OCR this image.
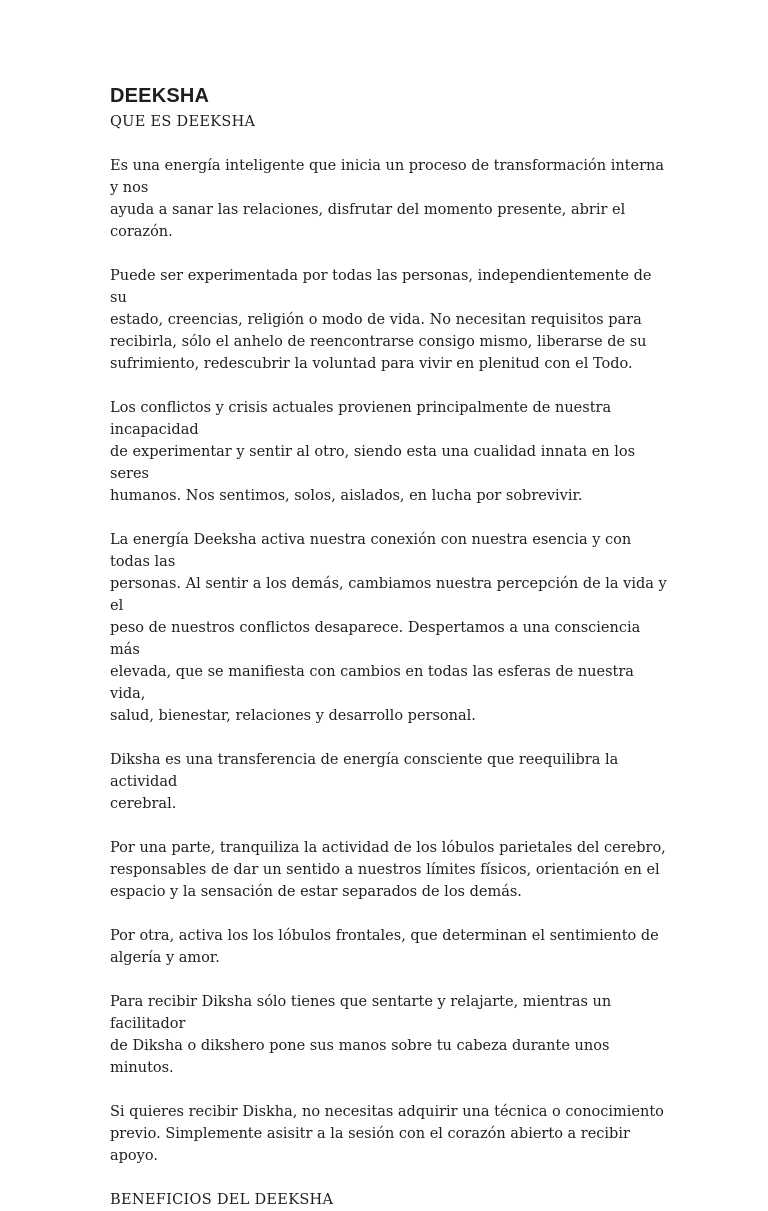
DEEKSHA
QUE ES DEEKSHA

Es una energía inteligente que inicia un proceso de transformación interna y nos
ayuda a sanar las relaciones, disfrutar del momento presente, abrir el corazón.

Puede ser experimentada por todas las personas, independientemente de su
estado, creencias, religión o modo de vida. No necesitan requisitos para
recibirla, sólo el anhelo de reencontrarse consigo mismo, liberarse de su
sufrimiento, redescubrir la voluntad para vivir en plenitud con el Todo.

Los conflictos y crisis actuales provienen principalmente de nuestra incapacidad
de experimentar y sentir al otro, siendo esta una cualidad innata en los seres
humanos. Nos sentimos, solos, aislados, en lucha por sobrevivir.

La energía Deeksha activa nuestra conexión con nuestra esencia y con todas las
personas. Al sentir a los demás, cambiamos nuestra percepción de la vida y el
peso de nuestros conflictos desaparece. Despertamos a una consciencia más
elevada, que se manifiesta con cambios en todas las esferas de nuestra vida,
salud, bienestar, relaciones y desarrollo personal.

Diksha es una transferencia de energía consciente que reequilibra la actividad
cerebral.

Por una parte, tranquiliza la actividad de los lóbulos parietales del cerebro,
responsables de dar un sentido a nuestros límites físicos, orientación en el
espacio y la sensación de estar separados de los demás.

Por otra, activa los los lóbulos frontales, que determinan el sentimiento de
algería y amor.

Para recibir Diksha sólo tienes que sentarte y relajarte, mientras un facilitador
de Diksha o dikshero pone sus manos sobre tu cabeza durante unos minutos.

Si quieres recibir Diskha, no necesitas adquirir una técnica o conocimiento
previo. Simplemente asisitr a la sesión con el corazón abierto a recibir apoyo.

BENEFICIOS DEL DEEKSHA
